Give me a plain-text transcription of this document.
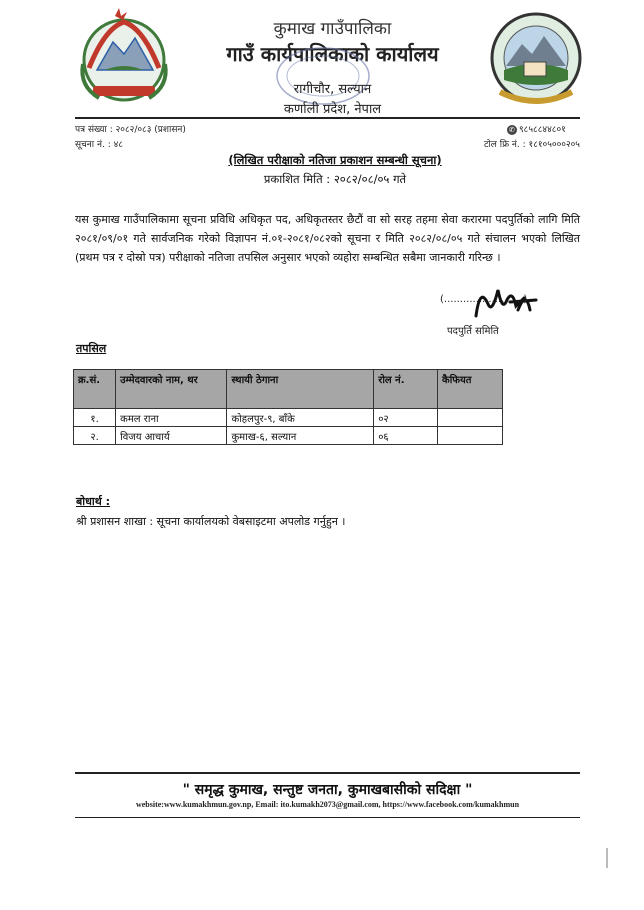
कुमाख गाउँपालिका
गाउँ कार्यपालिकाको कार्यालय
रागीचौर, सल्यान
कर्णाली प्रदेश, नेपाल
पत्र संख्या : २०८२/०८३ (प्रशासन)
सूचना नं. : ४८
✆ ९८५८८४४८०१
टोल फ्रि नं. : १८१०५०००२०५
(लिखित परीक्षाको नतिजा प्रकाशन सम्बन्धी सूचना)
प्रकाशित मिति : २०८२/०८/०५ गते
यस कुमाख गाउँपालिकामा सूचना प्रविधि अधिकृत पद, अधिकृतस्तर छैटौं वा सो सरह तहमा सेवा करारमा पदपुर्तिको लागि मिति २०८१/०९/०१ गते सार्वजनिक गरेको विज्ञापन नं.०१-२०८१/०८२को सूचना र मिति २०८२/०८/०५ गते संचालन भएको लिखित (प्रथम पत्र र दोस्रो पत्र) परीक्षाको नतिजा तपसिल अनुसार भएको व्यहोरा सम्बन्धित सबैमा जानकारी गरिन्छ ।
(.........................)
पदपुर्ति समिति
तपसिल
क्र.सं.	उम्मेदवारको नाम, थर	स्थायी ठेगाना	रोल नं.	कैफियत
१.	कमल राना	कोहलपुर-९, बाँके	०२	
२.	विजय आचार्य	कुमाख-६, सल्यान	०६	
बोधार्थ :
श्री प्रशासन शाखा : सूचना कार्यालयको वेबसाइटमा अपलोड गर्नुहुन ।
" समृद्ध कुमाख, सन्तुष्ट जनता, कुमाखबासीको सदिक्षा "
website:www.kumakhmun.gov.np, Email: ito.kumakh2073@gmail.com, https://www.facebook.com/kumakhmun
